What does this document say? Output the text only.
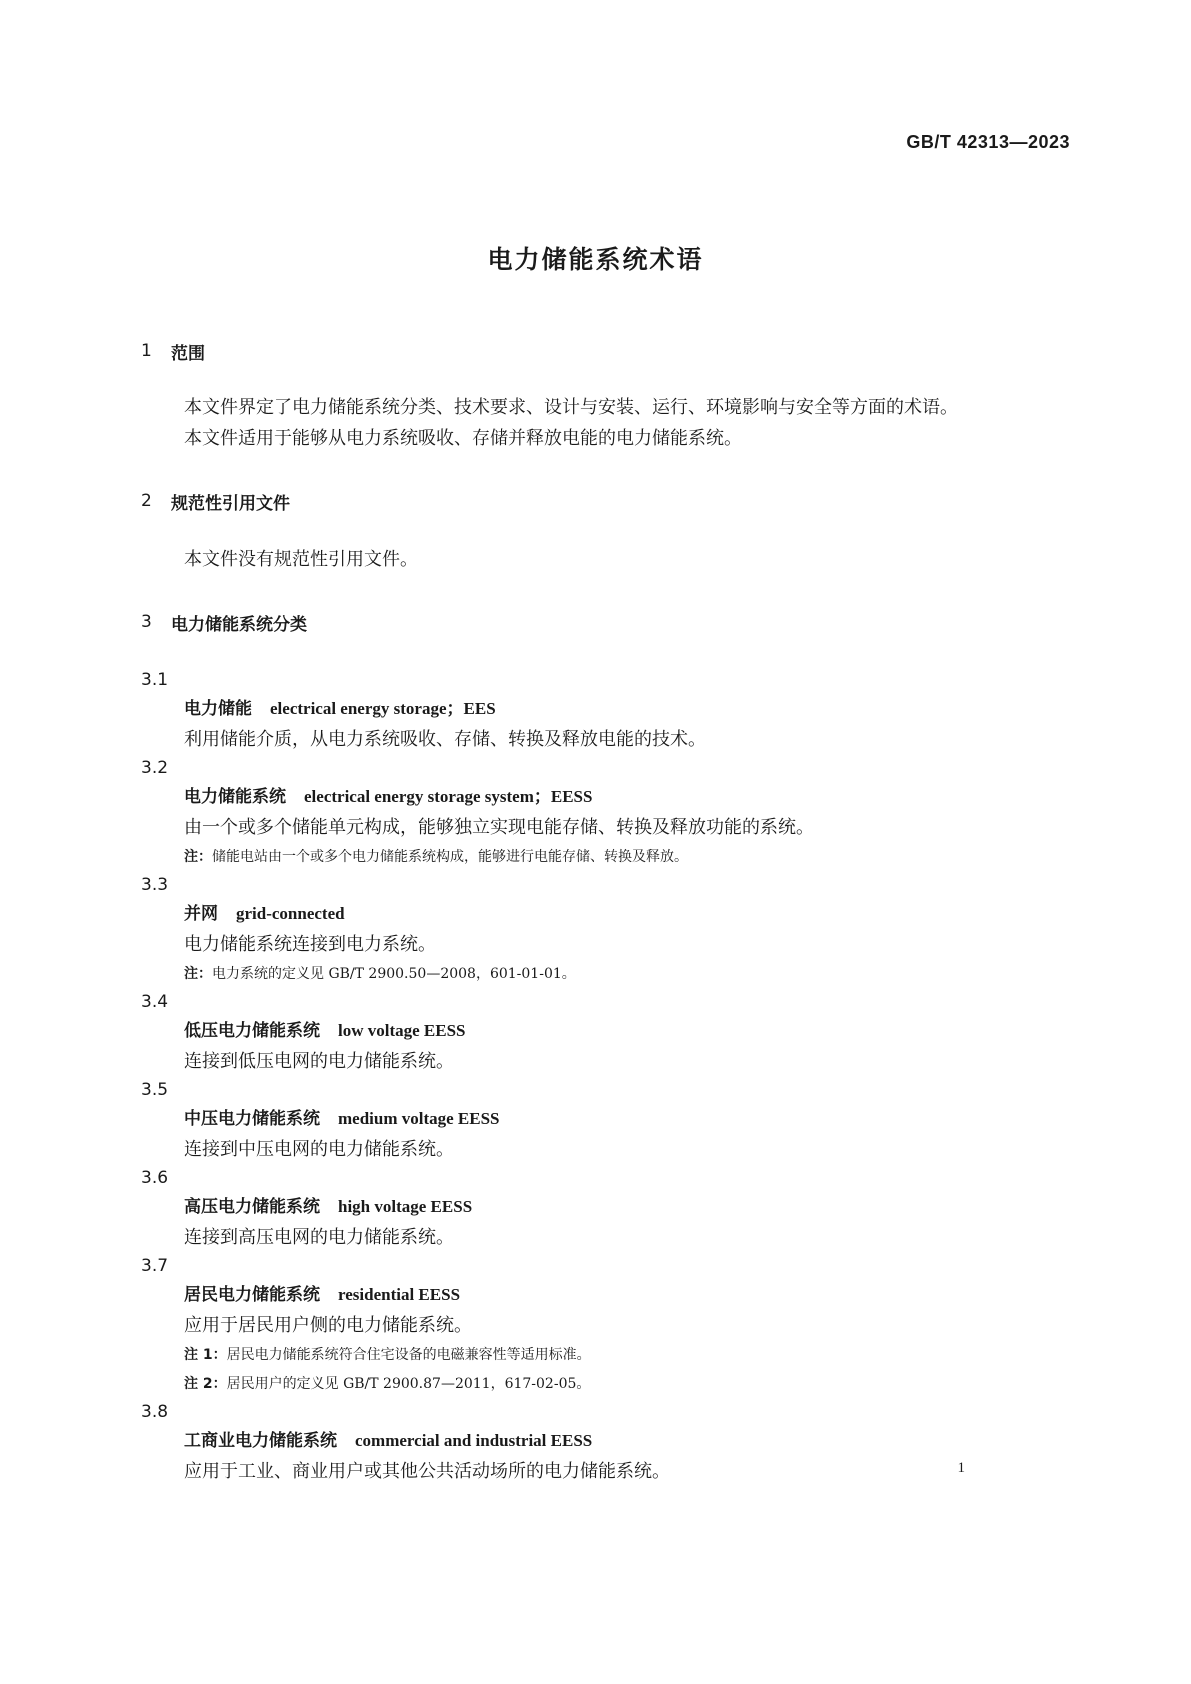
GB/T 42313—2023
电力储能系统术语
1	范围
本文件界定了电力储能系统分类、技术要求、设计与安装、运行、环境影响与安全等方面的术语。
本文件适用于能够从电力系统吸收、存储并释放电能的电力储能系统。
2	规范性引用文件
本文件没有规范性引用文件。
3	电力储能系统分类
3.1
电力储能 electrical energy storage；EES
利用储能介质，从电力系统吸收、存储、转换及释放电能的技术。
3.2
电力储能系统 electrical energy storage system；EESS
由一个或多个储能单元构成，能够独立实现电能存储、转换及释放功能的系统。
注：储能电站由一个或多个电力储能系统构成，能够进行电能存储、转换及释放。
3.3
并网 grid-connected
电力储能系统连接到电力系统。
注：电力系统的定义见 GB/T 2900.50—2008，601-01-01。
3.4
低压电力储能系统 low voltage EESS
连接到低压电网的电力储能系统。
3.5
中压电力储能系统 medium voltage EESS
连接到中压电网的电力储能系统。
3.6
高压电力储能系统 high voltage EESS
连接到高压电网的电力储能系统。
3.7
居民电力储能系统 residential EESS
应用于居民用户侧的电力储能系统。
注 1：居民电力储能系统符合住宅设备的电磁兼容性等适用标准。
注 2：居民用户的定义见 GB/T 2900.87—2011，617-02-05。
3.8
工商业电力储能系统 commercial and industrial EESS
应用于工业、商业用户或其他公共活动场所的电力储能系统。	1
